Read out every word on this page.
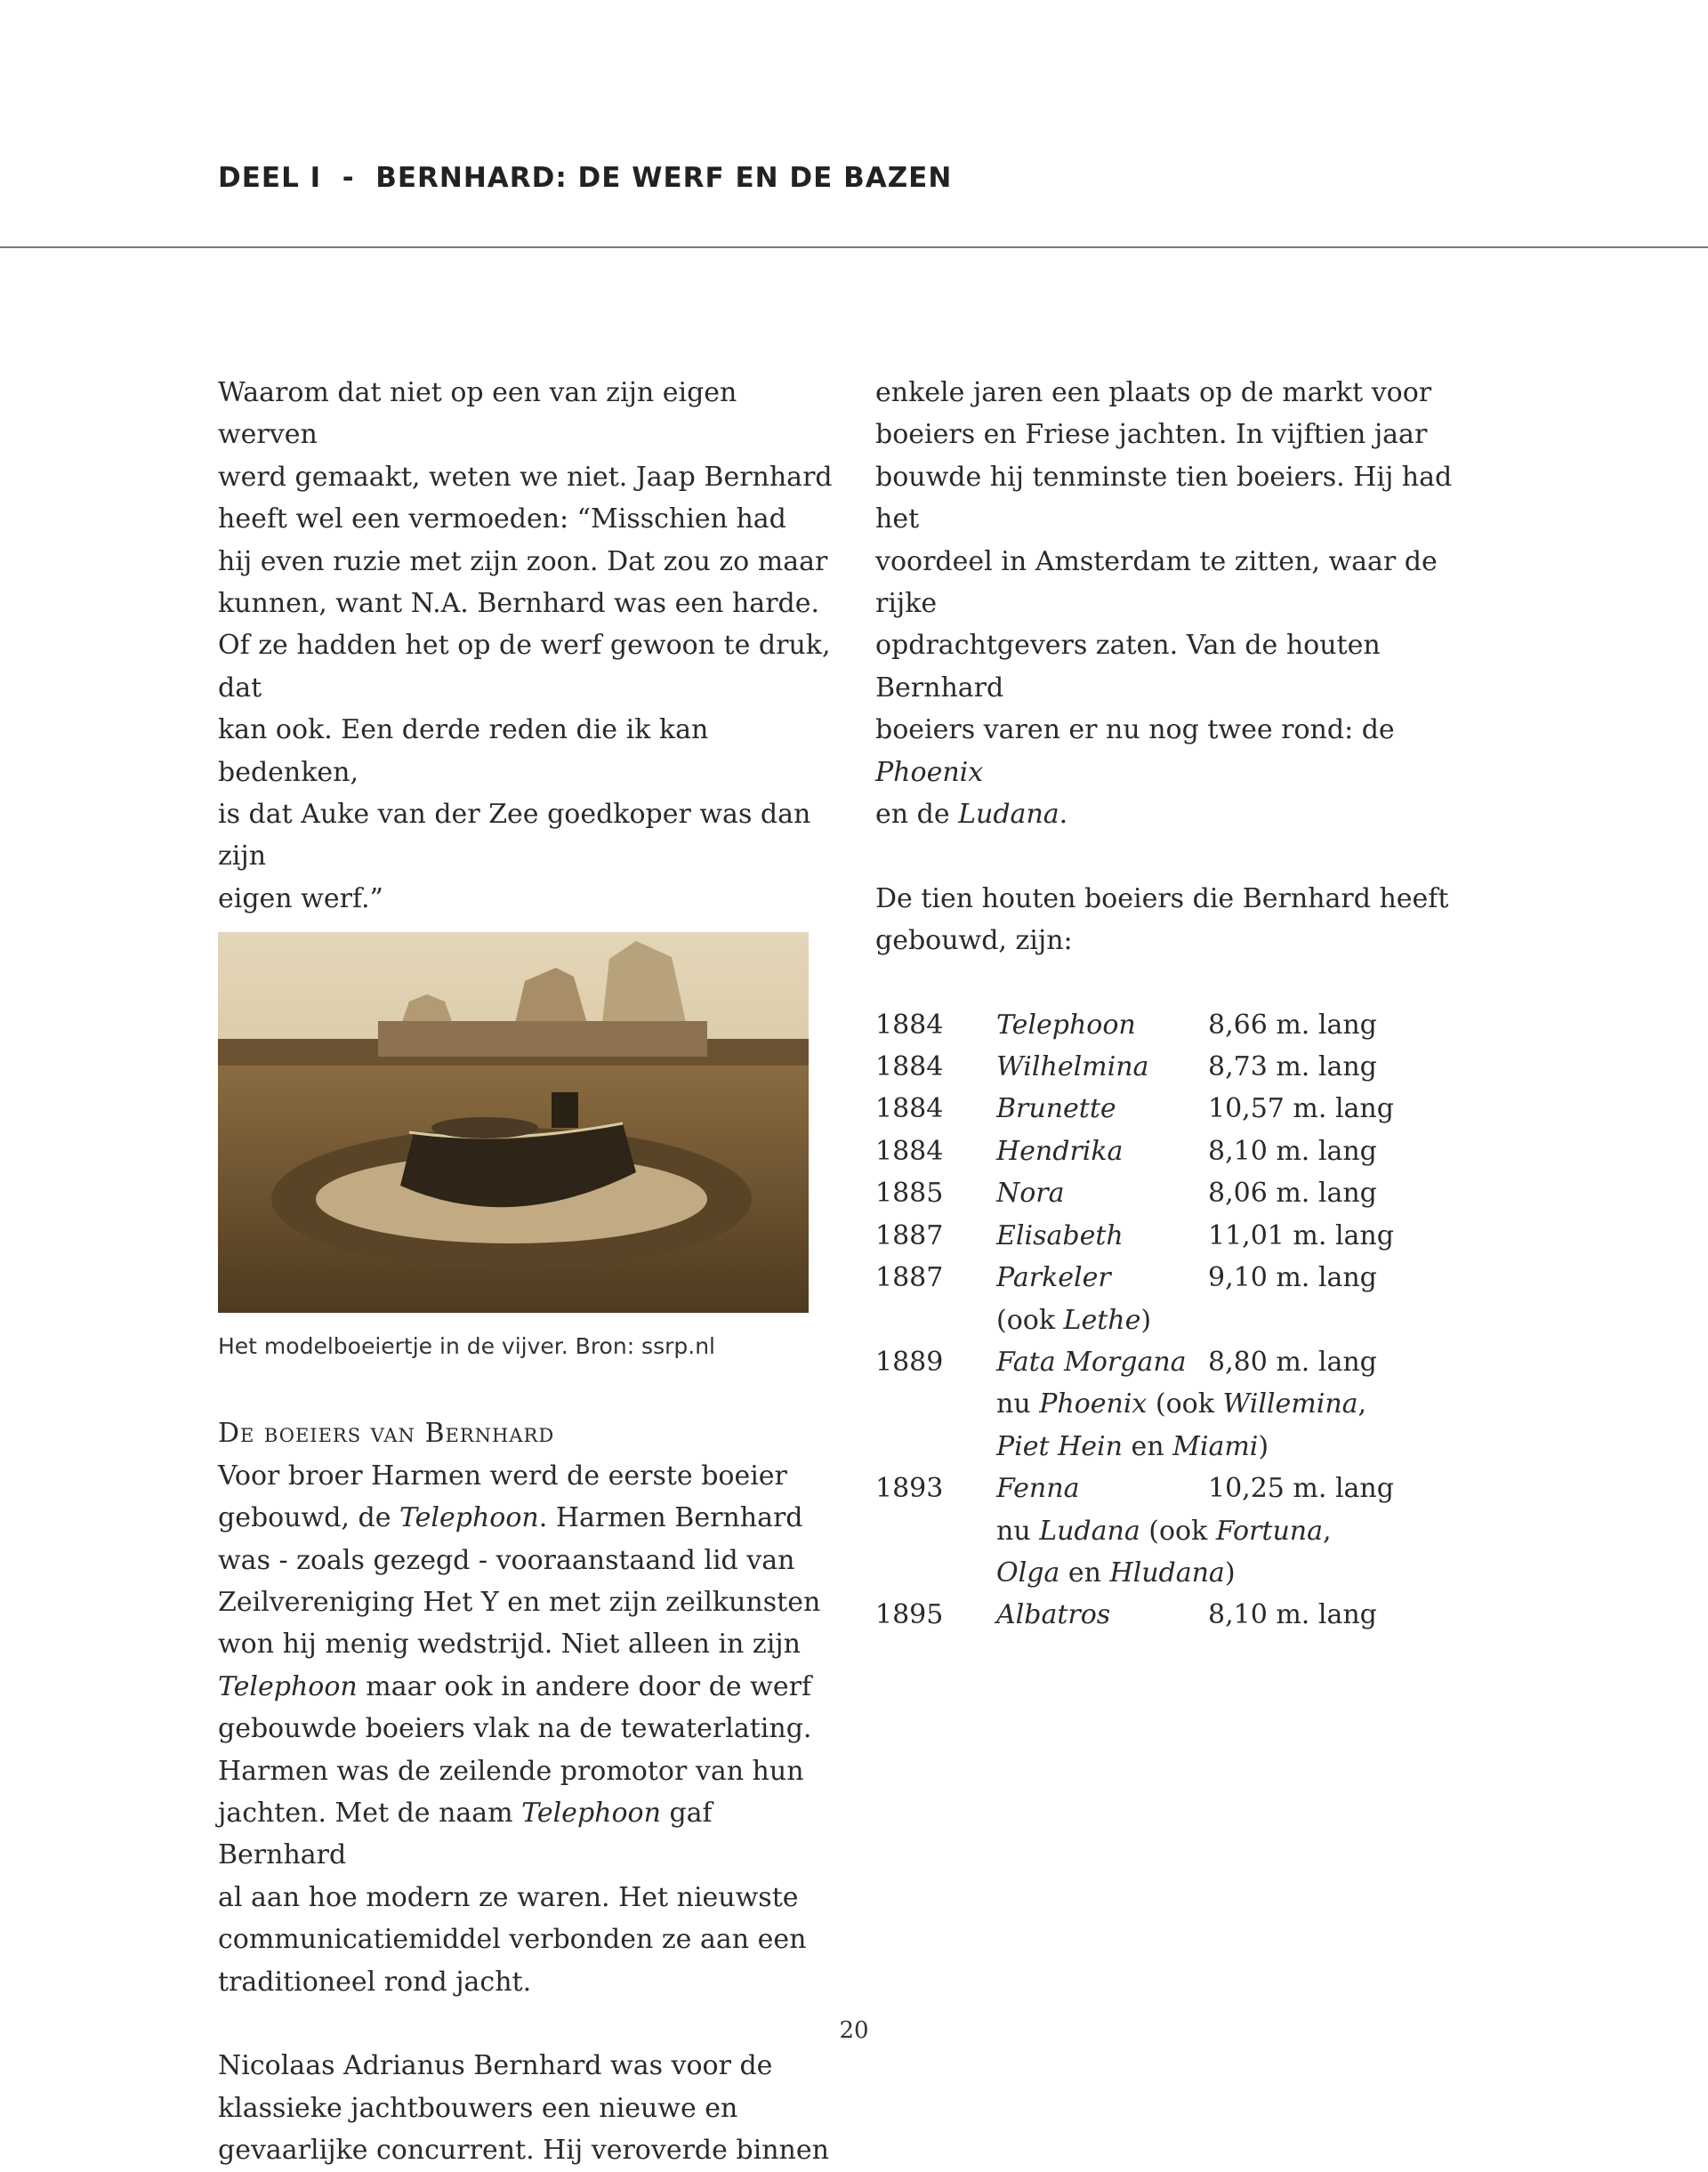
DEEL I  -  BERNHARD: DE WERF EN DE BAZEN

Waarom dat niet op een van zijn eigen werven
werd gemaakt, weten we niet. Jaap Bernhard
heeft wel een vermoeden: “Misschien had
hij even ruzie met zijn zoon. Dat zou zo maar
kunnen, want N.A. Bernhard was een harde.
Of ze hadden het op de werf gewoon te druk, dat
kan ook. Een derde reden die ik kan bedenken,
is dat Auke van der Zee goedkoper was dan zijn
eigen werf.”

Het modelboeiertje in de vijver. Bron: ssrp.nl
De boeiers van Bernhard

Voor broer Harmen werd de eerste boeier
gebouwd, de Telephoon. Harmen Bernhard
was - zoals gezegd - vooraanstaand lid van
Zeilvereniging Het Y en met zijn zeilkunsten
won hij menig wedstrijd. Niet alleen in zijn
Telephoon maar ook in andere door de werf
gebouwde boeiers vlak na de tewaterlating.
Harmen was de zeilende promotor van hun
jachten. Met de naam Telephoon gaf Bernhard
al aan hoe modern ze waren. Het nieuwste
communicatiemiddel verbonden ze aan een
traditioneel rond jacht.

Nicolaas Adrianus Bernhard was voor de
klassieke jachtbouwers een nieuwe en
gevaarlijke concurrent. Hij veroverde binnen

enkele jaren een plaats op de markt voor
boeiers en Friese jachten. In vijftien jaar
bouwde hij tenminste tien boeiers. Hij had het
voordeel in Amsterdam te zitten, waar de rijke
opdrachtgevers zaten. Van de houten Bernhard
boeiers varen er nu nog twee rond: de Phoenix
en de Ludana.

De tien houten boeiers die Bernhard heeft
gebouwd, zijn:

1884	Telephoon	8,66 m. lang
1884	Wilhelmina	8,73 m. lang
1884	Brunette	10,57 m. lang
1884	Hendrika	8,10 m. lang
1885	Nora	8,06 m. lang
1887	Elisabeth	11,01 m. lang
1887	Parkeler	9,10 m. lang
(ook Lethe)
1889	Fata Morgana 8,80 m. lang
nu Phoenix (ook Willemina,
Piet Hein en Miami)
1893	Fenna	10,25 m. lang
nu Ludana (ook Fortuna,
Olga en Hludana)
1895	Albatros	8,10 m. lang
20
